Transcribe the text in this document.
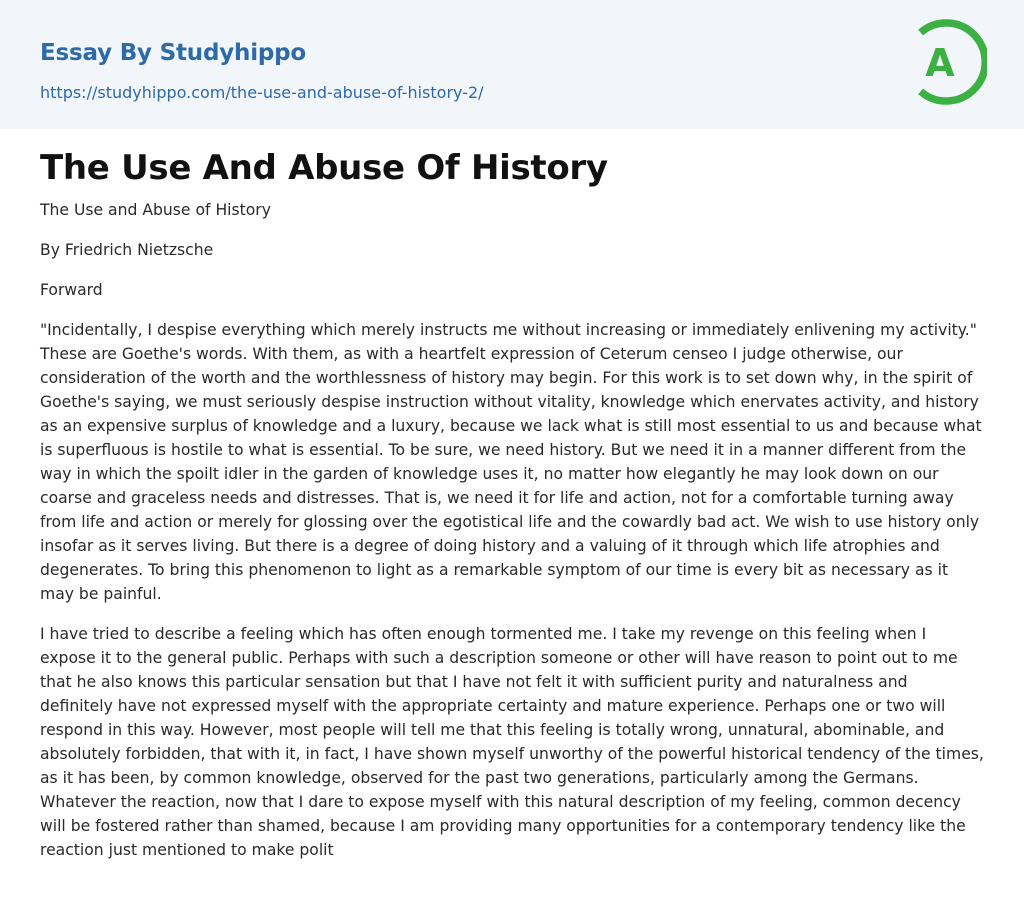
Essay By Studyhippo
https://studyhippo.com/the-use-and-abuse-of-history-2/
A
The Use And Abuse Of History

The Use and Abuse of History

By Friedrich Nietzsche

Forward

"Incidentally, I despise everything which merely instructs me without increasing or immediately enlivening my activity." These are Goethe's words. With them, as with a heartfelt expression of Ceterum censeo I judge otherwise, our consideration of the worth and the worthlessness of history may begin. For this work is to set down why, in the spirit of Goethe's saying, we must seriously despise instruction without vitality, knowledge which enervates activity, and history as an expensive surplus of knowledge and a luxury, because we lack what is still most essential to us and because what is superfluous is hostile to what is essential. To be sure, we need history. But we need it in a manner different from the way in which the spoilt idler in the garden of knowledge uses it, no matter how elegantly he may look down on our coarse and graceless needs and distresses. That is, we need it for life and action, not for a comfortable turning away from life and action or merely for glossing over the egotistical life and the cowardly bad act. We wish to use history only insofar as it serves living. But there is a degree of doing history and a valuing of it through which life atrophies and degenerates. To bring this phenomenon to light as a remarkable symptom of our time is every bit as necessary as it may be painful.

I have tried to describe a feeling which has often enough tormented me. I take my revenge on this feeling when I expose it to the general public. Perhaps with such a description someone or other will have reason to point out to me that he also knows this particular sensation but that I have not felt it with sufficient purity and naturalness and definitely have not expressed myself with the appropriate certainty and mature experience. Perhaps one or two will respond in this way. However, most people will tell me that this feeling is totally wrong, unnatural, abominable, and absolutely forbidden, that with it, in fact, I have shown myself unworthy of the powerful historical tendency of the times, as it has been, by common knowledge, observed for the past two generations, particularly among the Germans. Whatever the reaction, now that I dare to expose myself with this natural description of my feeling, common decency will be fostered rather than shamed, because I am providing many opportunities for a contemporary tendency like the reaction just mentioned to make polit
